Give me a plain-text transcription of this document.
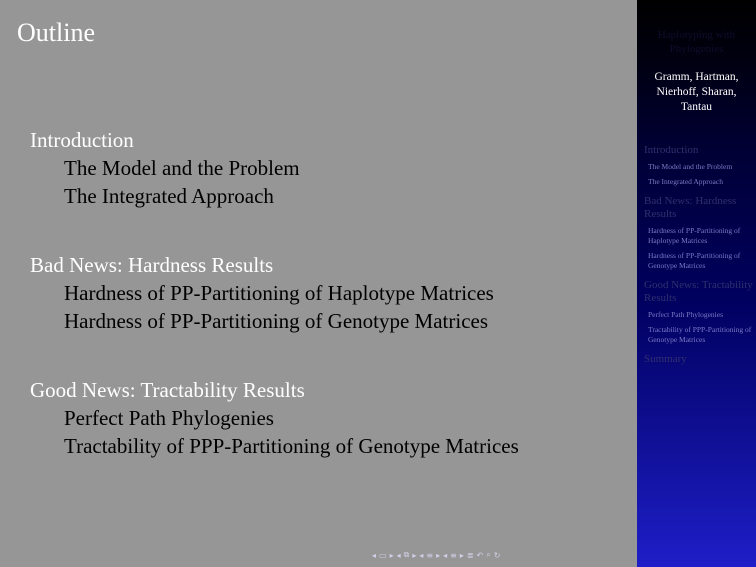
Outline
Introduction
The Model and the Problem
The Integrated Approach
Bad News: Hardness Results
Hardness of PP-Partitioning of Haplotype Matrices
Hardness of PP-Partitioning of Genotype Matrices
Good News: Tractability Results
Perfect Path Phylogenies
Tractability of PPP-Partitioning of Genotype Matrices
Haplotyping with
Phylogenies
Gramm, Hartman,
Nierhoff, Sharan,
Tantau
Introduction
The Model and the Problem
The Integrated Approach
Bad News: Hardness Results
Hardness of PP-Partitioning of Haplotype Matrices
Hardness of PP-Partitioning of Genotype Matrices
Good News: Tractability Results
Perfect Path Phylogenies
Tractability of PPP-Partitioning of Genotype Matrices
Summary
◂ ▭ ▸ ◂ ⧉ ▸ ◂ ≡ ▸ ◂ ≡ ▸ ≣ ↶ ⌕ ↻
